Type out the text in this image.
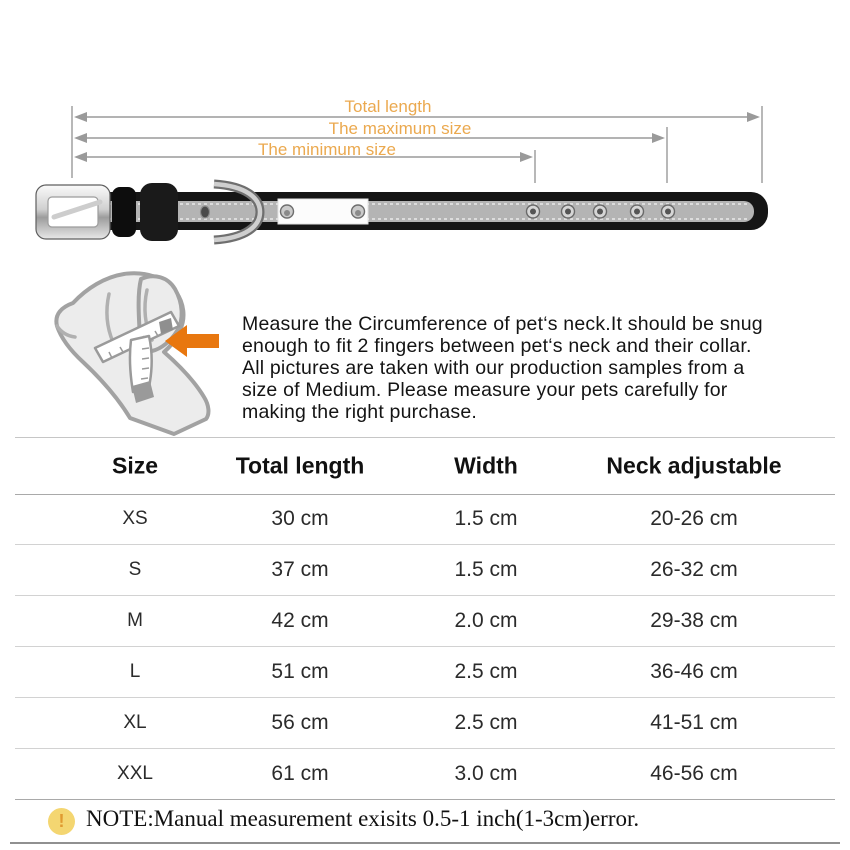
Total length
The maximum size
The minimum size
Measure the Circumference of pet‘s neck.It should be snug
enough to fit 2 fingers between pet‘s neck and their collar.
All pictures are taken with our production samples from a
size of Medium. Please measure your pets carefully for
making the right purchase.
Size	Total length	Width	Neck adjustable
XS	30 cm	1.5 cm	20-26 cm
S	37 cm	1.5 cm	26-32 cm
M	42 cm	2.0 cm	29-38 cm
L	51 cm	2.5 cm	36-46 cm
XL	56 cm	2.5 cm	41-51 cm
XXL	61 cm	3.0 cm	46-56 cm
! NOTE:Manual measurement exisits 0.5-1 inch(1-3cm)error.
